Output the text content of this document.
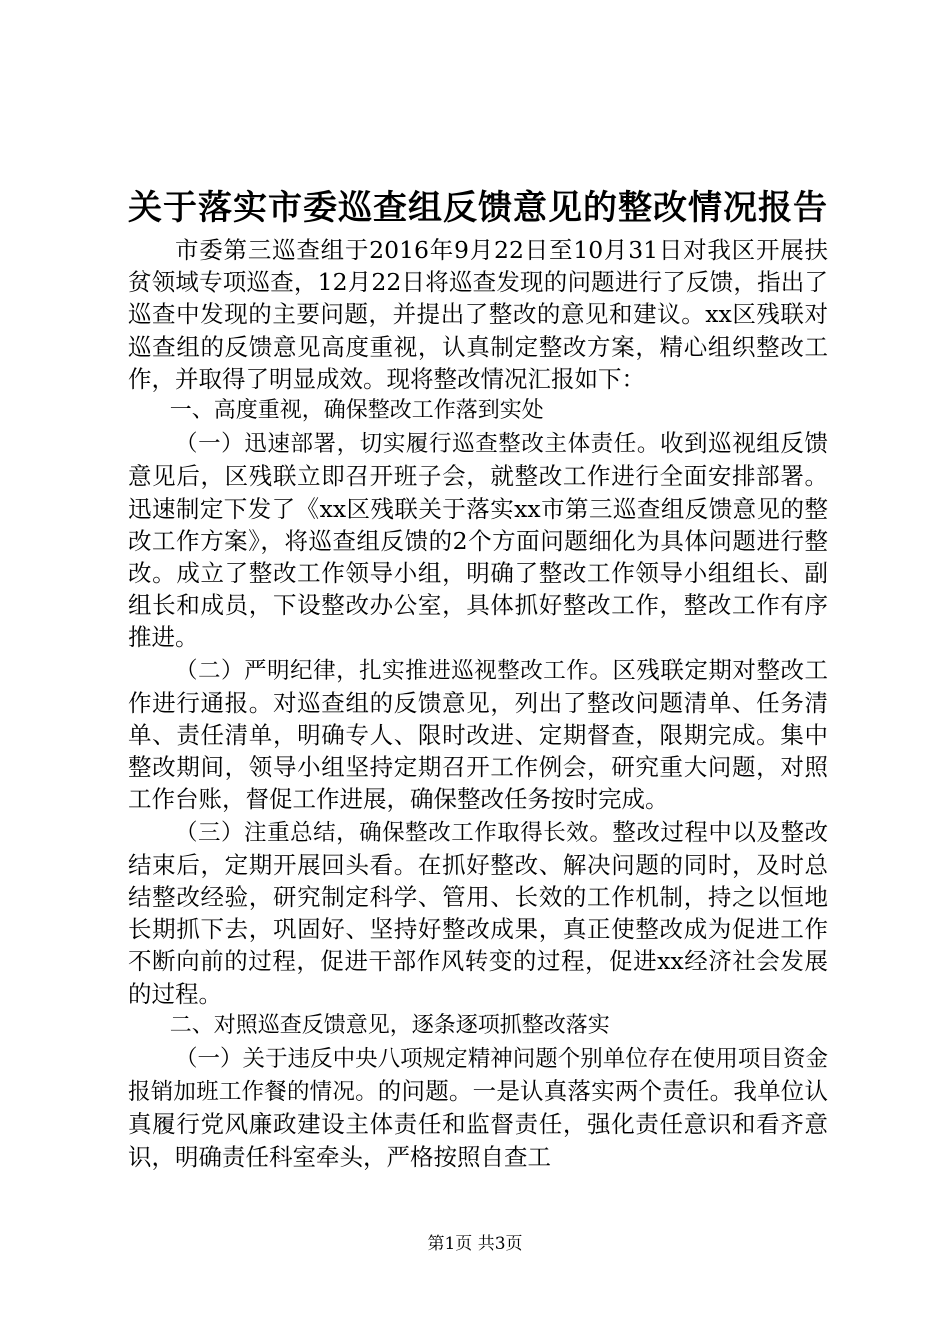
关于落实市委巡查组反馈意见的整改情况报告

市委第三巡查组于2016年9月22日至10月31日对我区开展扶贫领域专项巡查，12月22日将巡查发现的问题进行了反馈，指出了巡查中发现的主要问题，并提出了整改的意见和建议。xx区残联对巡查组的反馈意见高度重视，认真制定整改方案，精心组织整改工作，并取得了明显成效。现将整改情况汇报如下：

一、高度重视，确保整改工作落到实处

（一）迅速部署，切实履行巡查整改主体责任。收到巡视组反馈意见后，区残联立即召开班子会，就整改工作进行全面安排部署。迅速制定下发了《xx区残联关于落实xx市第三巡查组反馈意见的整改工作方案》，将巡查组反馈的2个方面问题细化为具体问题进行整改。成立了整改工作领导小组，明确了整改工作领导小组组长、副组长和成员，下设整改办公室，具体抓好整改工作，整改工作有序推进。

（二）严明纪律，扎实推进巡视整改工作。区残联定期对整改工作进行通报。对巡查组的反馈意见，列出了整改问题清单、任务清单、责任清单，明确专人、限时改进、定期督查，限期完成。集中整改期间，领导小组坚持定期召开工作例会，研究重大问题，对照工作台账，督促工作进展，确保整改任务按时完成。

（三）注重总结，确保整改工作取得长效。整改过程中以及整改结束后，定期开展回头看。在抓好整改、解决问题的同时，及时总结整改经验，研究制定科学、管用、长效的工作机制，持之以恒地长期抓下去，巩固好、坚持好整改成果，真正使整改成为促进工作不断向前的过程，促进干部作风转变的过程，促进xx经济社会发展的过程。

二、对照巡查反馈意见，逐条逐项抓整改落实

（一）关于违反中央八项规定精神问题个别单位存在使用项目资金报销加班工作餐的情况。的问题。一是认真落实两个责任。我单位认真履行党风廉政建设主体责任和监督责任，强化责任意识和看齐意识，明确责任科室牵头，严格按照自查工

第1页 共3页
